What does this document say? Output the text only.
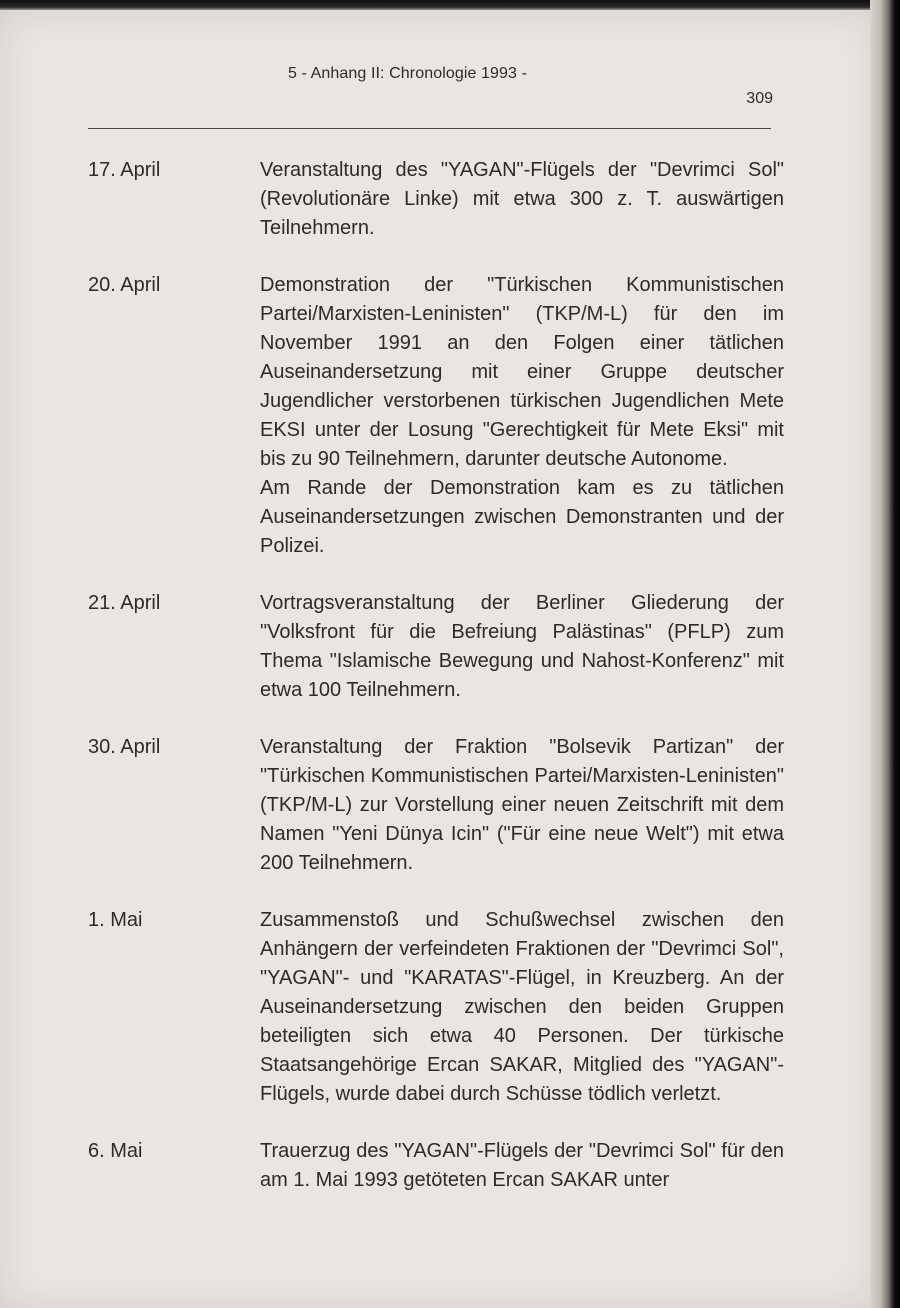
5 - Anhang II: Chronologie 1993 -
309
17. April	Veranstaltung des "YAGAN"-Flügels der "Devrimci Sol" (Revolutionäre Linke) mit etwa 300 z. T. auswärtigen Teilnehmern.

20. April	Demonstration der "Türkischen Kommunistischen Partei/Marxisten-Leninisten" (TKP/M-L) für den im November 1991 an den Folgen einer tätlichen Auseinandersetzung mit einer Gruppe deutscher Jugendlicher verstorbenen türkischen Jugendlichen Mete EKSI unter der Losung "Gerechtigkeit für Mete Eksi" mit bis zu 90 Teilnehmern, darunter deutsche Autonome.

Am Rande der Demonstration kam es zu tätlichen Auseinandersetzungen zwischen Demonstranten und der Polizei.

21. April	Vortragsveranstaltung der Berliner Gliederung der "Volksfront für die Befreiung Palästinas" (PFLP) zum Thema "Islamische Bewegung und Nahost-Konferenz" mit etwa 100 Teilnehmern.

30. April	Veranstaltung der Fraktion "Bolsevik Partizan" der "Türkischen Kommunistischen Partei/Marxisten-Leninisten" (TKP/M-L) zur Vorstellung einer neuen Zeitschrift mit dem Namen "Yeni Dünya Icin" ("Für eine neue Welt") mit etwa 200 Teilnehmern.

1. Mai	Zusammenstoß und Schußwechsel zwischen den Anhängern der verfeindeten Fraktionen der "Devrimci Sol", "YAGAN"- und "KARATAS"-Flügel, in Kreuzberg. An der Auseinandersetzung zwischen den beiden Gruppen beteiligten sich etwa 40 Personen. Der türkische Staatsangehörige Ercan SAKAR, Mitglied des "YAGAN"-Flügels, wurde dabei durch Schüsse tödlich verletzt.

6. Mai	Trauerzug des "YAGAN"-Flügels der "Devrimci Sol" für den am 1. Mai 1993 getöteten Ercan SAKAR unter
